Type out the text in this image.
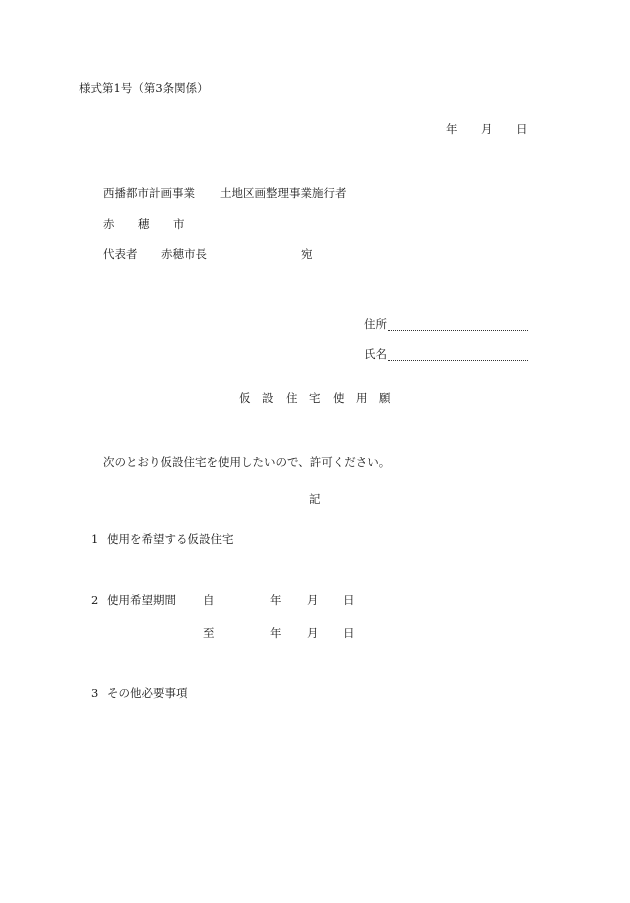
様式第1号（第3条関係）
年 月 日
西播都市計画事業 土地区画整理事業施行者
赤 穂 市
代表者 赤穂市長	宛
住所
氏名
仮 設 住 宅 使 用 願
次のとおり仮設住宅を使用したいので、許可ください。
記
1 使用を希望する仮設住宅
2 使用希望期間 自	年 月 日
至	年 月 日
3 その他必要事項
